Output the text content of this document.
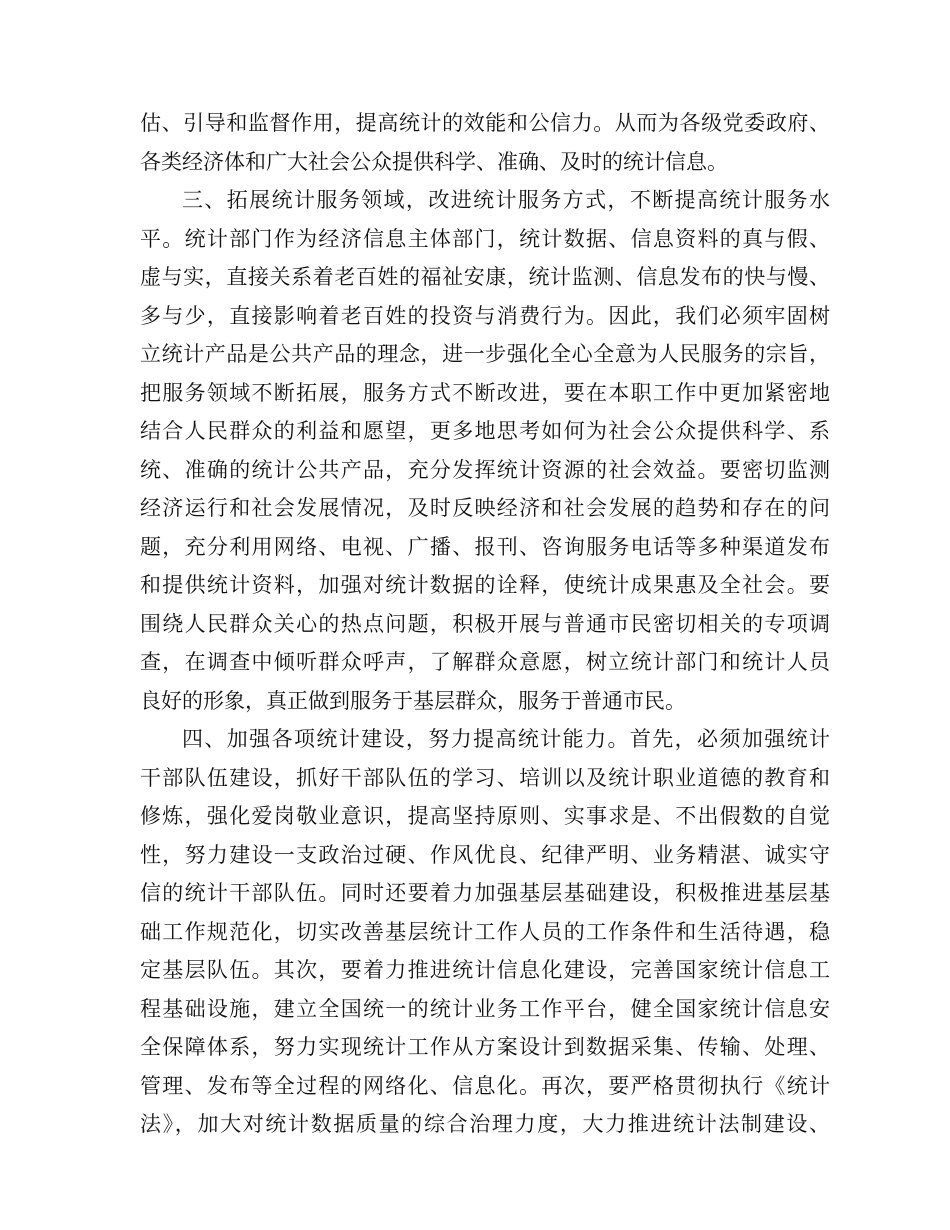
估、引导和监督作用，提高统计的效能和公信力。从而为各级党委政府、
各类经济体和广大社会公众提供科学、准确、及时的统计信息。
三、拓展统计服务领域，改进统计服务方式，不断提高统计服务水
平。统计部门作为经济信息主体部门，统计数据、信息资料的真与假、
虚与实，直接关系着老百姓的福祉安康，统计监测、信息发布的快与慢、
多与少，直接影响着老百姓的投资与消费行为。因此，我们必须牢固树
立统计产品是公共产品的理念，进一步强化全心全意为人民服务的宗旨，
把服务领域不断拓展，服务方式不断改进，要在本职工作中更加紧密地
结合人民群众的利益和愿望，更多地思考如何为社会公众提供科学、系
统、准确的统计公共产品，充分发挥统计资源的社会效益。要密切监测
经济运行和社会发展情况，及时反映经济和社会发展的趋势和存在的问
题，充分利用网络、电视、广播、报刊、咨询服务电话等多种渠道发布
和提供统计资料，加强对统计数据的诠释，使统计成果惠及全社会。要
围绕人民群众关心的热点问题，积极开展与普通市民密切相关的专项调
查，在调查中倾听群众呼声，了解群众意愿，树立统计部门和统计人员
良好的形象，真正做到服务于基层群众，服务于普通市民。
四、加强各项统计建设，努力提高统计能力。首先，必须加强统计
干部队伍建设，抓好干部队伍的学习、培训以及统计职业道德的教育和
修炼，强化爱岗敬业意识，提高坚持原则、实事求是、不出假数的自觉
性，努力建设一支政治过硬、作风优良、纪律严明、业务精湛、诚实守
信的统计干部队伍。同时还要着力加强基层基础建设，积极推进基层基
础工作规范化，切实改善基层统计工作人员的工作条件和生活待遇，稳
定基层队伍。其次，要着力推进统计信息化建设，完善国家统计信息工
程基础设施，建立全国统一的统计业务工作平台，健全国家统计信息安
全保障体系，努力实现统计工作从方案设计到数据采集、传输、处理、
管理、发布等全过程的网络化、信息化。再次，要严格贯彻执行《统计
法》，加大对统计数据质量的综合治理力度，大力推进统计法制建设、
